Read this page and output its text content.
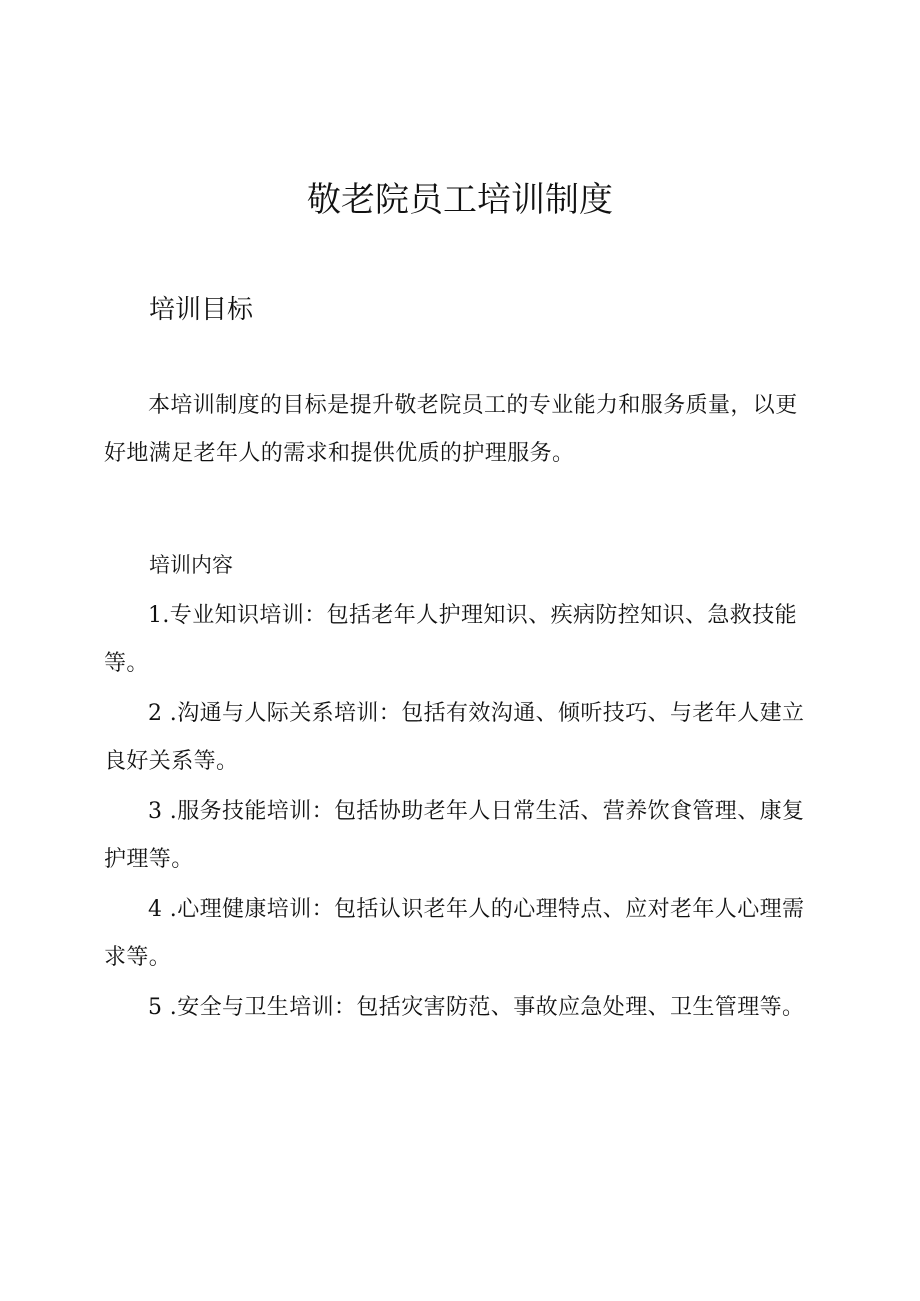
敬老院员工培训制度
培训目标

本培训制度的目标是提升敬老院员工的专业能力和服务质量，以更好地满足老年人的需求和提供优质的护理服务。

培训内容
1.专业知识培训：包括老年人护理知识、疾病防控知识、急救技能等。
2 .沟通与人际关系培训：包括有效沟通、倾听技巧、与老年人建立良好关系等。
3 .服务技能培训：包括协助老年人日常生活、营养饮食管理、康复护理等。
4 .心理健康培训：包括认识老年人的心理特点、应对老年人心理需求等。
5 .安全与卫生培训：包括灾害防范、事故应急处理、卫生管理等。
